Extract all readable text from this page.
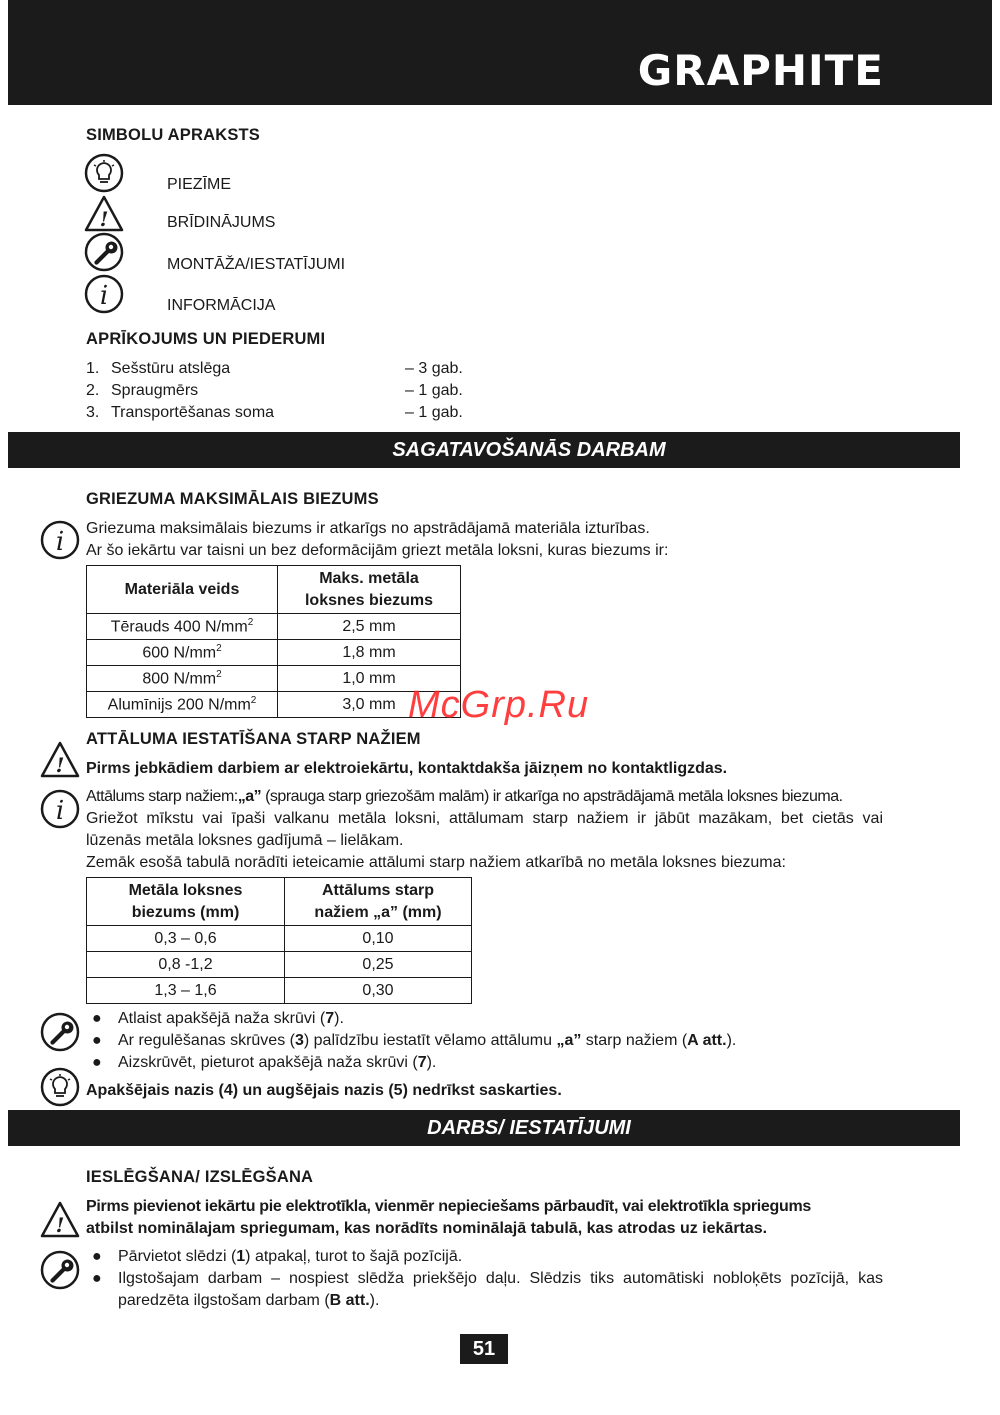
GRAPHITE
SIMBOLU APRAKSTS
PIEZĪME
!	BRĪDINĀJUMS
MONTĀŽA/IESTATĪJUMI
i	INFORMĀCIJA
APRĪKOJUMS UN PIEDERUMI
1. Sešstūru atslēga	– 3 gab.
2. Spraugmērs	– 1 gab.
3. Transportēšanas soma	– 1 gab.
SAGATAVOŠANĀS DARBAM
GRIEZUMA MAKSIMĀLAIS BIEZUMS
i Griezuma maksimālais biezums ir atkarīgs no apstrādājamā materiāla izturības.
Ar šo iekārtu var taisni un bez deformācijām griezt metāla loksni, kuras biezums ir:
Materiāla veids	Maks. metāla
loksnes biezums
Tērauds 400 $N/mm^2$	2,5 mm
600 $N/mm^2$	1,8 mm
800 $N/mm^2$	1,0 mm
Alumīnijs 200 $N/mm^2$	3,0 mm McGrp.Ru
ATTĀLUMA IESTATĪŠANA STARP NAŽIEM
! Pirms jebkādiem darbiem ar elektroiekārtu, kontaktdakša jāizņem no kontaktligzdas.
i Attālums starp nažiem:„a” (sprauga starp griezošām malām) ir atkarīga no apstrādājamā metāla loksnes biezuma.
Griežot mīkstu vai īpaši valkanu metāla loksni, attālumam starp nažiem ir jābūt mazākam, bet cietās vai
lūzenās metāla loksnes gadījumā – lielākam.
Zemāk esošā tabulā norādīti ieteicamie attālumi starp nažiem atkarībā no metāla loksnes biezuma:
Metāla loksnes
biezums (mm)	Attālums starp
nažiem „a” (mm)
0,3 – 0,6	0,10
0,8 -1,2	0,25
1,3 – 1,6	0,30
● Atlaist apakšējā naža skrūvi (7).
● Ar regulēšanas skrūves (3) palīdzību iestatīt vēlamo attālumu „a” starp nažiem (A att.).
● Aizskrūvēt, pieturot apakšējā naža skrūvi (7).
Apakšējais nazis (4) un augšējais nazis (5) nedrīkst saskarties.
DARBS/ IESTATĪJUMI
IESLĒGŠANA/ IZSLĒGŠANA
!
Pirms pievienot iekārtu pie elektrotīkla, vienmēr nepieciešams pārbaudīt, vai elektrotīkla spriegums
atbilst nominālajam spriegumam, kas norādīts nominālajā tabulā, kas atrodas uz iekārtas.
● Pārvietot slēdzi (1) atpakaļ, turot to šajā pozīcijā.
● Ilgstošajam darbam – nospiest slēdža priekšējo daļu. Slēdzis tiks automātiski nobloķēts pozīcijā, kas
paredzēta ilgstošam darbam (B att.).
51
